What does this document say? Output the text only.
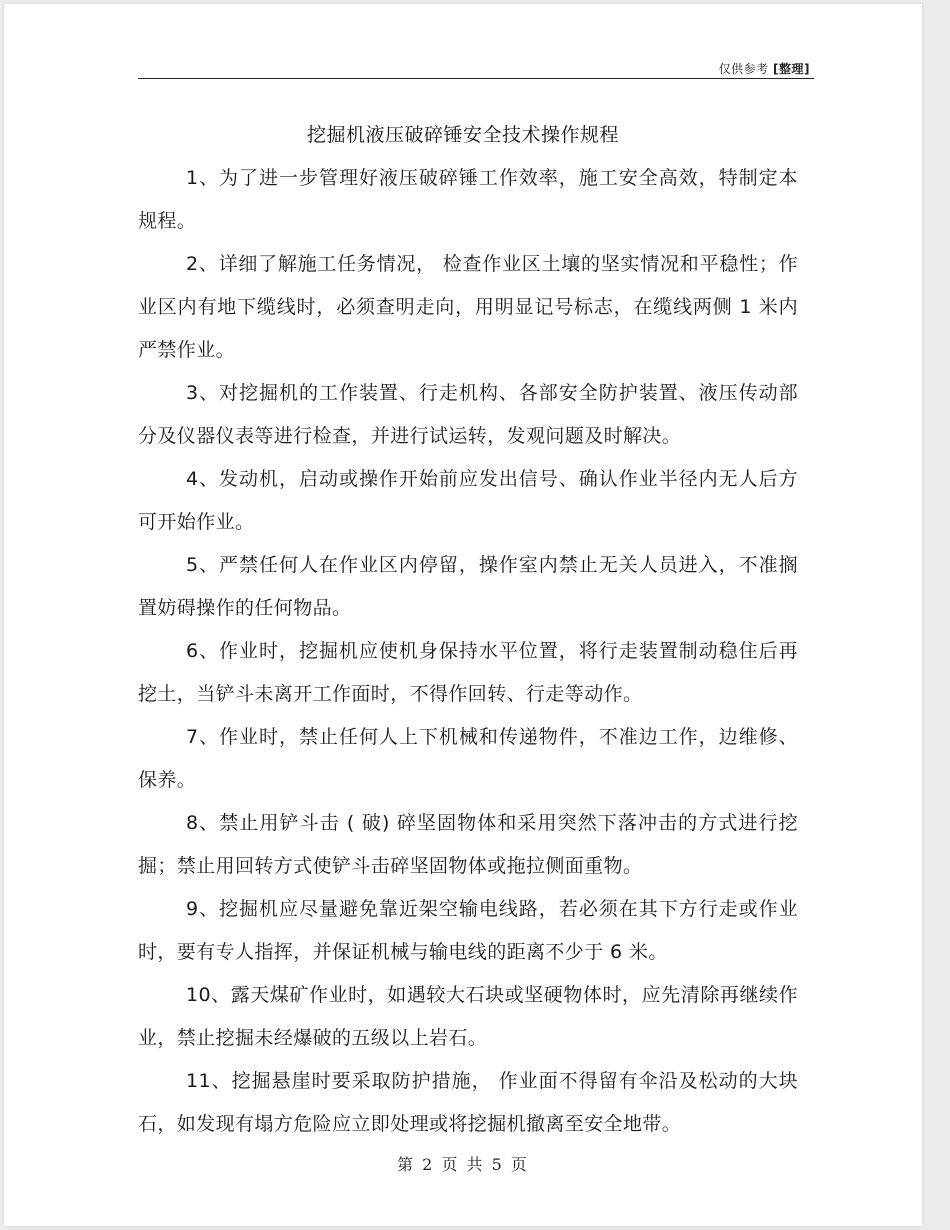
仅供参考 [整理]
挖掘机液压破碎锤安全技术操作规程

1、为了进一步管理好液压破碎锤工作效率，施工安全高效，特制定本规程。

2、详细了解施工任务情况， 检查作业区土壤的坚实情况和平稳性；作业区内有地下缆线时，必须查明走向，用明显记号标志，在缆线两侧 1 米内严禁作业。

3、对挖掘机的工作装置、行走机构、各部安全防护装置、液压传动部分及仪器仪表等进行检查，并进行试运转，发观问题及时解决。

4、发动机，启动或操作开始前应发出信号、确认作业半径内无人后方可开始作业。

5、严禁任何人在作业区内停留，操作室内禁止无关人员进入，不准搁置妨碍操作的任何物品。

6、作业时，挖掘机应使机身保持水平位置，将行走装置制动稳住后再挖土，当铲斗未离开工作面时，不得作回转、行走等动作。

7、作业时，禁止任何人上下机械和传递物件，不准边工作，边维修、保养。

8、禁止用铲斗击 ( 破) 碎坚固物体和采用突然下落冲击的方式进行挖掘；禁止用回转方式使铲斗击碎坚固物体或拖拉侧面重物。

9、挖掘机应尽量避免靠近架空输电线路，若必须在其下方行走或作业时，要有专人指挥，并保证机械与输电线的距离不少于 6 米。

10、露天煤矿作业时，如遇较大石块或坚硬物体时，应先清除再继续作业，禁止挖掘未经爆破的五级以上岩石。

11、挖掘悬崖时要采取防护措施， 作业面不得留有伞沿及松动的大块石，如发现有塌方危险应立即处理或将挖掘机撤离至安全地带。

第 2 页 共 5 页
